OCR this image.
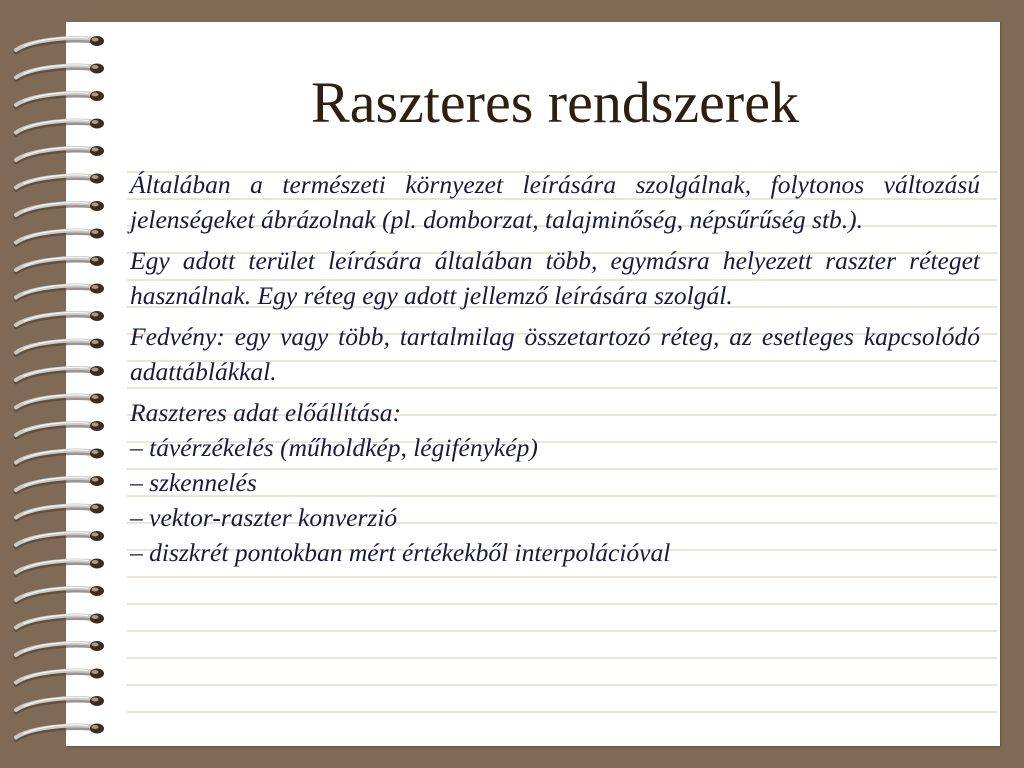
Raszteres rendszerek

Általában a természeti környezet leírására szolgálnak, folytonos változású jelenségeket ábrázolnak (pl. domborzat, talajminőség, népsűrűség stb.).

Egy adott terület leírására általában több, egymásra helyezett raszter réteget használnak. Egy réteg egy adott jellemző leírására szolgál.

Fedvény: egy vagy több, tartalmilag összetartozó réteg, az esetleges kapcsolódó adattáblákkal.

Raszteres adat előállítása:
– távérzékelés (műholdkép, légifénykép)
– szkennelés
– vektor-raszter konverzió
– diszkrét pontokban mért értékekből interpolációval
